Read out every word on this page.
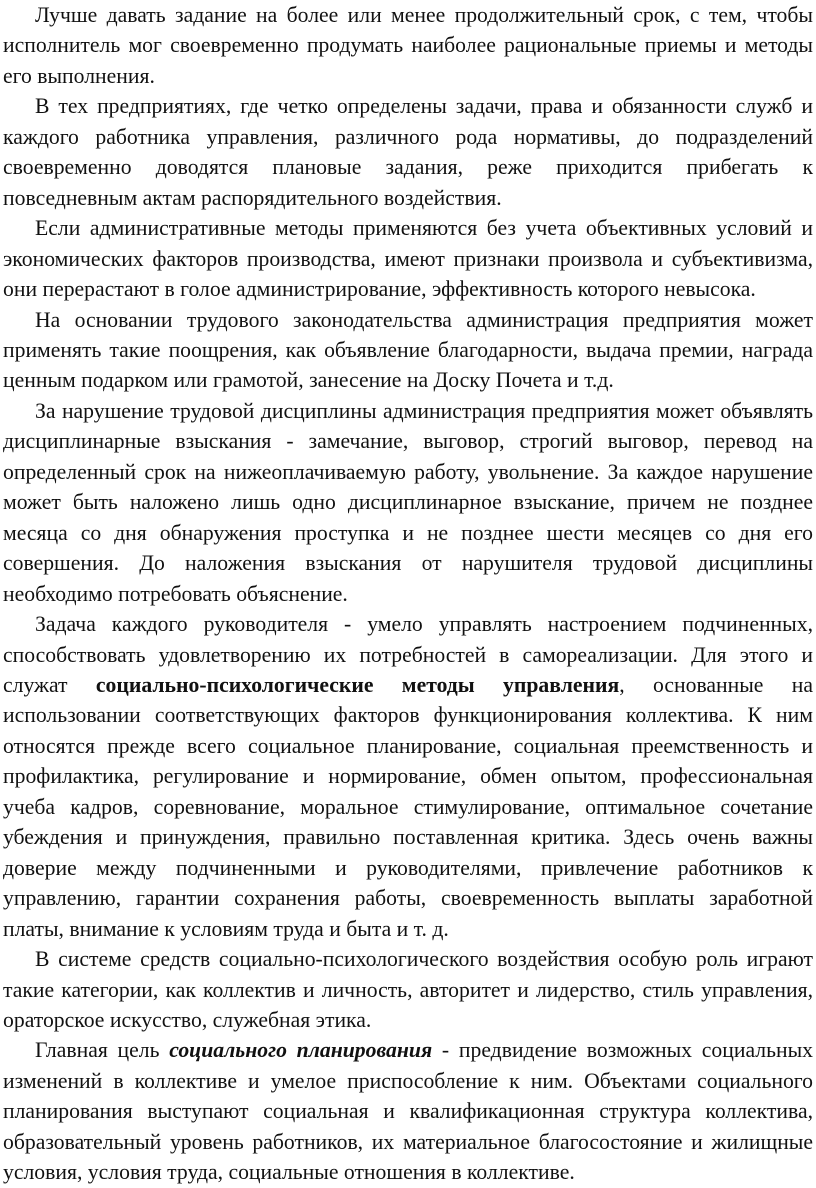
Лучше давать задание на более или менее продолжительный срок, с тем, чтобы исполнитель мог своевременно продумать наиболее рациональные приемы и методы его выполнения.

В тех предприятиях, где четко определены задачи, права и обязанности служб и каждого работника управления, различного рода нормативы, до подразделений своевременно доводятся плановые задания, реже приходится прибегать к повседневным актам распорядительного воздействия.

Если административные методы применяются без учета объективных условий и экономических факторов производства, имеют признаки произвола и субъективизма, они перерастают в голое администрирование, эффективность которого невысока.

На основании трудового законодательства администрация предприятия может применять такие поощрения, как объявление благодарности, выдача премии, награда ценным подарком или грамотой, занесение на Доску Почета и т.д.

За нарушение трудовой дисциплины администрация предприятия может объявлять дисциплинарные взыскания - замечание, выговор, строгий выговор, перевод на определенный срок на нижеоплачиваемую работу, увольнение. За каждое нарушение может быть наложено лишь одно дисциплинарное взыскание, причем не позднее месяца со дня обнаружения проступка и не позднее шести месяцев со дня его совершения. До наложения взыскания от нарушителя трудовой дисциплины необходимо потребовать объяснение.

Задача каждого руководителя - умело управлять настроением подчиненных, способствовать удовлетворению их потребностей в самореализации. Для этого и служат социально-психологические методы управления, основанные на использовании соответствующих факторов функционирования коллектива. К ним относятся прежде всего социальное планирование, социальная преемственность и профилактика, регулирование и нормирование, обмен опытом, профессиональная учеба кадров, соревнование, моральное стимулирование, оптимальное сочетание убеждения и принуждения, правильно поставленная критика. Здесь очень важны доверие между подчиненными и руководителями, привлечение работников к управлению, гарантии сохранения работы, своевременность выплаты заработной платы, внимание к условиям труда и быта и т. д.

В системе средств социально-психологического воздействия особую роль играют такие категории, как коллектив и личность, авторитет и лидерство, стиль управления, ораторское искусство, служебная этика.

Главная цель социального планирования - предвидение возможных социальных изменений в коллективе и умелое приспособление к ним. Объектами социального планирования выступают социальная и квалификационная структура коллектива, образовательный уровень работников, их материальное благосостояние и жилищные условия, условия труда, социальные отношения в коллективе.
